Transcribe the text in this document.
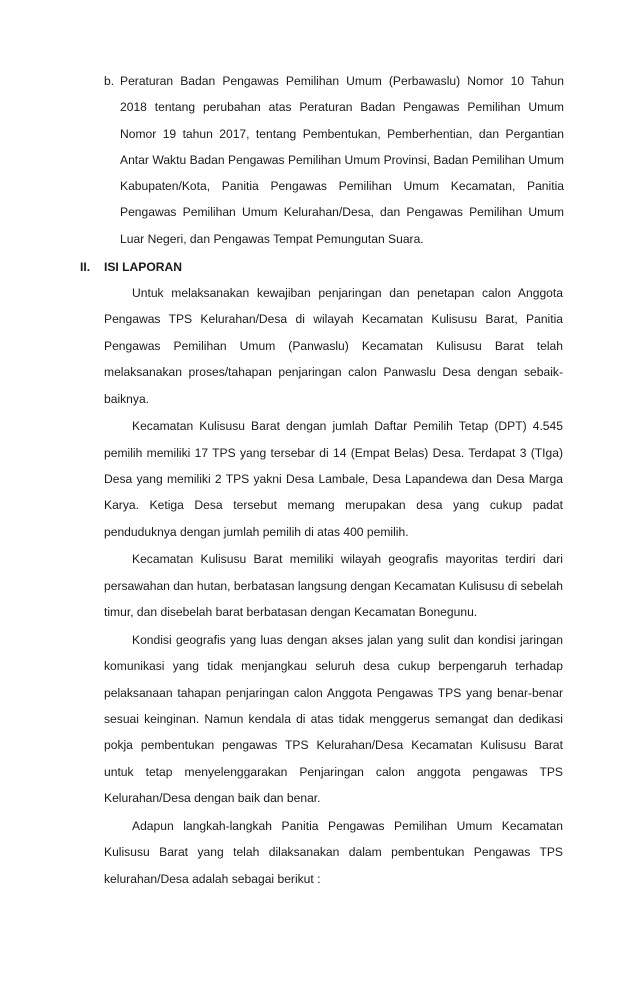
b. Peraturan Badan Pengawas Pemilihan Umum (Perbawaslu) Nomor 10 Tahun 2018 tentang perubahan atas Peraturan Badan Pengawas Pemilihan Umum Nomor 19 tahun 2017, tentang Pembentukan, Pemberhentian, dan Pergantian Antar Waktu Badan Pengawas Pemilihan Umum Provinsi, Badan Pemilihan Umum Kabupaten/Kota, Panitia Pengawas Pemilihan Umum Kecamatan, Panitia Pengawas Pemilihan Umum Kelurahan/Desa, dan Pengawas Pemilihan Umum Luar Negeri, dan Pengawas Tempat Pemungutan Suara.
II. ISI LAPORAN

Untuk melaksanakan kewajiban penjaringan dan penetapan calon Anggota Pengawas TPS Kelurahan/Desa di wilayah Kecamatan Kulisusu Barat, Panitia Pengawas Pemilihan Umum (Panwaslu) Kecamatan Kulisusu Barat telah melaksanakan proses/tahapan penjaringan calon Panwaslu Desa dengan sebaik-baiknya.

Kecamatan Kulisusu Barat dengan jumlah Daftar Pemilih Tetap (DPT) 4.545 pemilih memiliki 17 TPS yang tersebar di 14 (Empat Belas) Desa. Terdapat 3 (TIga) Desa yang memiliki 2 TPS yakni Desa Lambale, Desa Lapandewa dan Desa Marga Karya. Ketiga Desa tersebut memang merupakan desa yang cukup padat penduduknya dengan jumlah pemilih di atas 400 pemilih.

Kecamatan Kulisusu Barat memiliki wilayah geografis mayoritas terdiri dari persawahan dan hutan, berbatasan langsung dengan Kecamatan Kulisusu di sebelah timur, dan disebelah barat berbatasan dengan Kecamatan Bonegunu.

Kondisi geografis yang luas dengan akses jalan yang sulit dan kondisi jaringan komunikasi yang tidak menjangkau seluruh desa cukup berpengaruh terhadap pelaksanaan tahapan penjaringan calon Anggota Pengawas TPS yang benar-benar sesuai keinginan. Namun kendala di atas tidak menggerus semangat dan dedikasi pokja pembentukan pengawas TPS Kelurahan/Desa Kecamatan Kulisusu Barat untuk tetap menyelenggarakan Penjaringan calon anggota pengawas TPS Kelurahan/Desa dengan baik dan benar.

Adapun langkah-langkah Panitia Pengawas Pemilihan Umum Kecamatan Kulisusu Barat yang telah dilaksanakan dalam pembentukan Pengawas TPS kelurahan/Desa adalah sebagai berikut :
